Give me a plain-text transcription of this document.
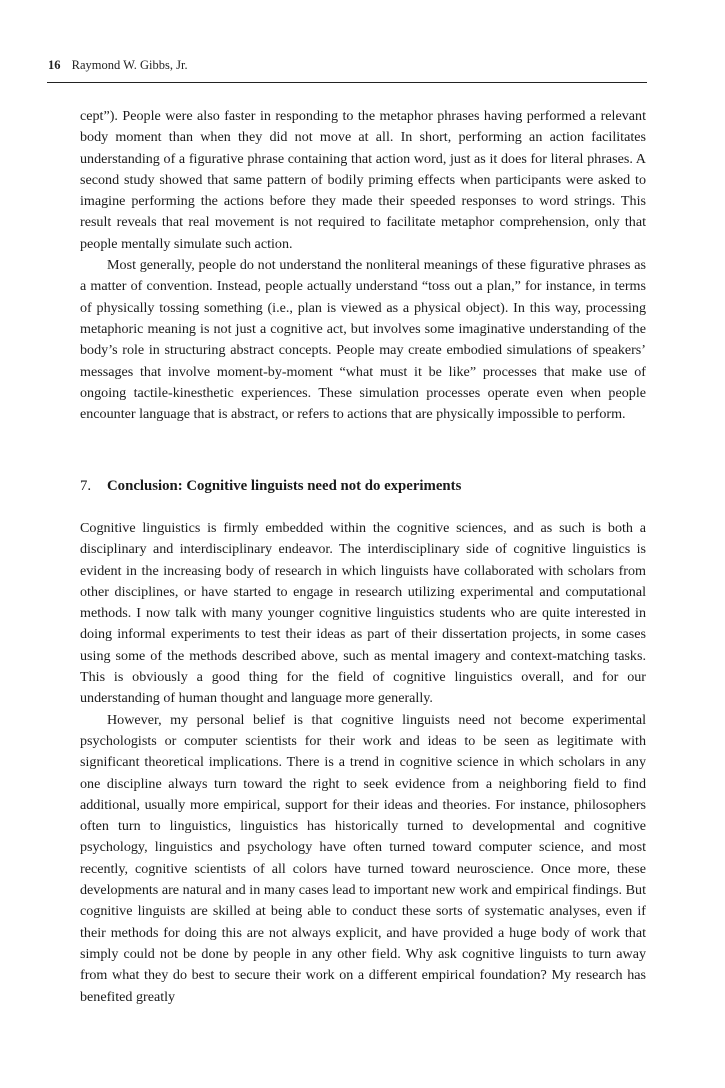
16 Raymond W. Gibbs, Jr.

cept”). People were also faster in responding to the metaphor phrases having performed a relevant body moment than when they did not move at all. In short, performing an action facilitates understanding of a figurative phrase containing that action word, just as it does for literal phrases. A second study showed that same pattern of bodily priming effects when participants were asked to imagine performing the actions before they made their speeded responses to word strings. This result reveals that real movement is not required to facilitate metaphor comprehension, only that people mentally simulate such action.

Most generally, people do not understand the nonliteral meanings of these figurative phrases as a matter of convention. Instead, people actually understand “toss out a plan,” for instance, in terms of physically tossing something (i.e., plan is viewed as a physical object). In this way, processing metaphoric meaning is not just a cognitive act, but involves some imaginative understanding of the body’s role in structuring abstract concepts. People may create embodied simulations of speakers’ messages that involve moment-by-moment “what must it be like” processes that make use of ongoing tactile-kinesthetic experiences. These simulation processes operate even when people encounter language that is abstract, or refers to actions that are physically impossible to perform.

7. Conclusion: Cognitive linguists need not do experiments

Cognitive linguistics is firmly embedded within the cognitive sciences, and as such is both a disciplinary and interdisciplinary endeavor. The interdisciplinary side of cognitive linguistics is evident in the increasing body of research in which linguists have collaborated with scholars from other disciplines, or have started to engage in research utilizing experimental and computational methods. I now talk with many younger cognitive linguistics students who are quite interested in doing informal experiments to test their ideas as part of their dissertation projects, in some cases using some of the methods described above, such as mental imagery and context-matching tasks. This is obviously a good thing for the field of cognitive linguistics overall, and for our understanding of human thought and language more generally.

However, my personal belief is that cognitive linguists need not become experimental psychologists or computer scientists for their work and ideas to be seen as legitimate with significant theoretical implications. There is a trend in cognitive science in which scholars in any one discipline always turn toward the right to seek evidence from a neighboring field to find additional, usually more empirical, support for their ideas and theories. For instance, philosophers often turn to linguistics, linguistics has historically turned to developmental and cognitive psychology, linguistics and psychology have often turned toward computer science, and most recently, cognitive scientists of all colors have turned toward neuroscience. Once more, these developments are natural and in many cases lead to important new work and empirical findings. But cognitive linguists are skilled at being able to conduct these sorts of systematic analyses, even if their methods for doing this are not always explicit, and have provided a huge body of work that simply could not be done by people in any other field. Why ask cognitive linguists to turn away from what they do best to secure their work on a different empirical foundation? My research has benefited greatly
